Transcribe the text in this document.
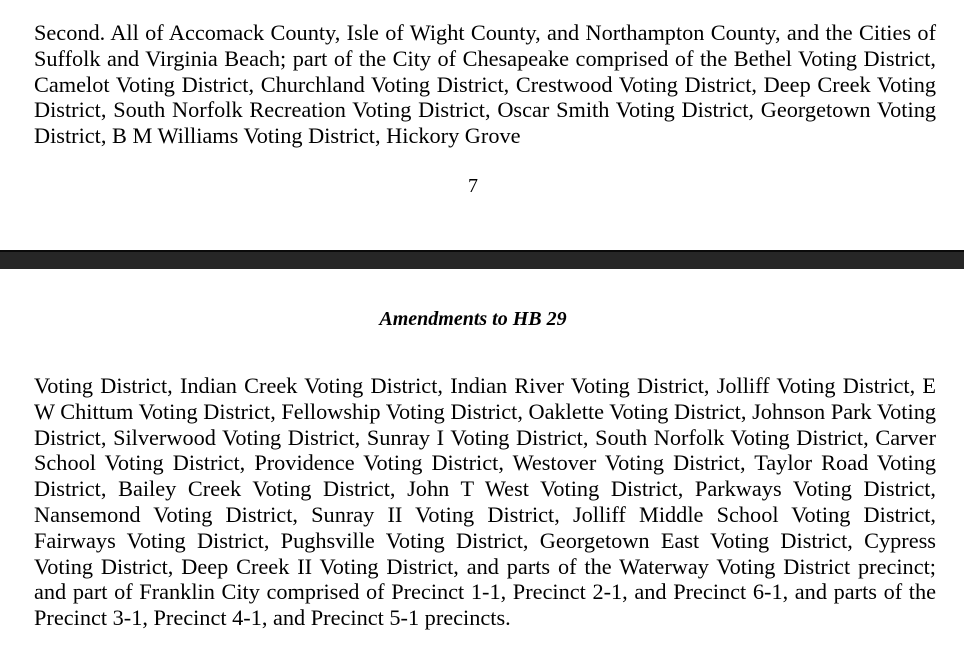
Second. All of Accomack County, Isle of Wight County, and Northampton County, and the Cities of Suffolk and Virginia Beach; part of the City of Chesapeake comprised of the Bethel Voting District, Camelot Voting District, Churchland Voting District, Crestwood Voting District, Deep Creek Voting District, South Norfolk Recreation Voting District, Oscar Smith Voting District, Georgetown Voting District, B M Williams Voting District, Hickory Grove

7
Amendments to HB 29

Voting District, Indian Creek Voting District, Indian River Voting District, Jolliff Voting District, E W Chittum Voting District, Fellowship Voting District, Oaklette Voting District, Johnson Park Voting District, Silverwood Voting District, Sunray I Voting District, South Norfolk Voting District, Carver School Voting District, Providence Voting District, Westover Voting District, Taylor Road Voting District, Bailey Creek Voting District, John T West Voting District, Parkways Voting District, Nansemond Voting District, Sunray II Voting District, Jolliff Middle School Voting District, Fairways Voting District, Pughsville Voting District, Georgetown East Voting District, Cypress Voting District, Deep Creek II Voting District, and parts of the Waterway Voting District precinct; and part of Franklin City comprised of Precinct 1-1, Precinct 2-1, and Precinct 6-1, and parts of the Precinct 3-1, Precinct 4-1, and Precinct 5-1 precincts.
